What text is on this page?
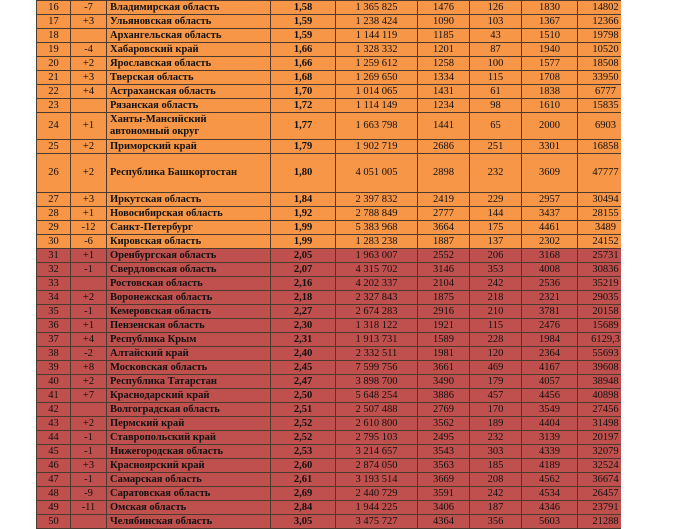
16	-7	Владимирская область	1,58	1 365 825	1476	126	1830	14802	
17	+3	Ульяновская область	1,59	1 238 424	1090	103	1367	12366	
18		Архангельская область	1,59	1 144 119	1185	43	1510	19798	
19	-4	Хабаровский край	1,66	1 328 332	1201	87	1940	10520	
20	+2	Ярославская область	1,66	1 259 612	1258	100	1577	18508	
21	+3	Тверская область	1,68	1 269 650	1334	115	1708	33950	
22	+4	Астраханская область	1,70	1 014 065	1431	61	1838	6777	
23		Рязанская область	1,72	1 114 149	1234	98	1610	15835	
24	+1	Ханты-Мансийский автономный округ	1,77	1 663 798	1441	65	2000	6903	
25	+2	Приморский край	1,79	1 902 719	2686	251	3301	16858	
26	+2	Республика Башкортостан	1,80	4 051 005	2898	232	3609	47777	
27	+3	Иркутская область	1,84	2 397 832	2419	229	2957	30494	
28	+1	Новосибирская область	1,92	2 788 849	2777	144	3437	28155	
29	-12	Санкт-Петербург	1,99	5 383 968	3664	175	4461	3489	
30	-6	Кировская область	1,99	1 283 238	1887	137	2302	24152	
31	+1	Оренбургская область	2,05	1 963 007	2552	206	3168	25731	
32	-1	Свердловская область	2,07	4 315 702	3146	353	4008	30836	
33		Ростовская область	2,16	4 202 337	2104	242	2536	35219	
34	+2	Воронежская область	2,18	2 327 843	1875	218	2321	29035	
35	-1	Кемеровская область	2,27	2 674 283	2916	210	3781	20158	
36	+1	Пензенская область	2,30	1 318 122	1921	115	2476	15689	
37	+4	Республика Крым	2,31	1 913 731	1589	228	1984	6129,3	
38	-2	Алтайский край	2,40	2 332 511	1981	120	2364	55693	
39	+8	Московская область	2,45	7 599 756	3661	469	4167	39608	
40	+2	Республика Татарстан	2,47	3 898 700	3490	179	4057	38948	
41	+7	Краснодарский край	2,50	5 648 254	3886	457	4456	40898	
42		Волгоградская область	2,51	2 507 488	2769	170	3549	27456	
43	+2	Пермский край	2,52	2 610 800	3562	189	4404	31498	
44	-1	Ставропольский край	2,52	2 795 103	2495	232	3139	20197	
45	-1	Нижегородская область	2,53	3 214 657	3543	303	4339	32079	
46	+3	Красноярский край	2,60	2 874 050	3563	185	4189	32524	
47	-1	Самарская область	2,61	3 193 514	3669	208	4562	36674	
48	-9	Саратовская область	2,69	2 440 729	3591	242	4534	26457	
49	-11	Омская область	2,84	1 944 225	3406	187	4346	23791	
50		Челябинская область	3,05	3 475 727	4364	356	5603	21288	
